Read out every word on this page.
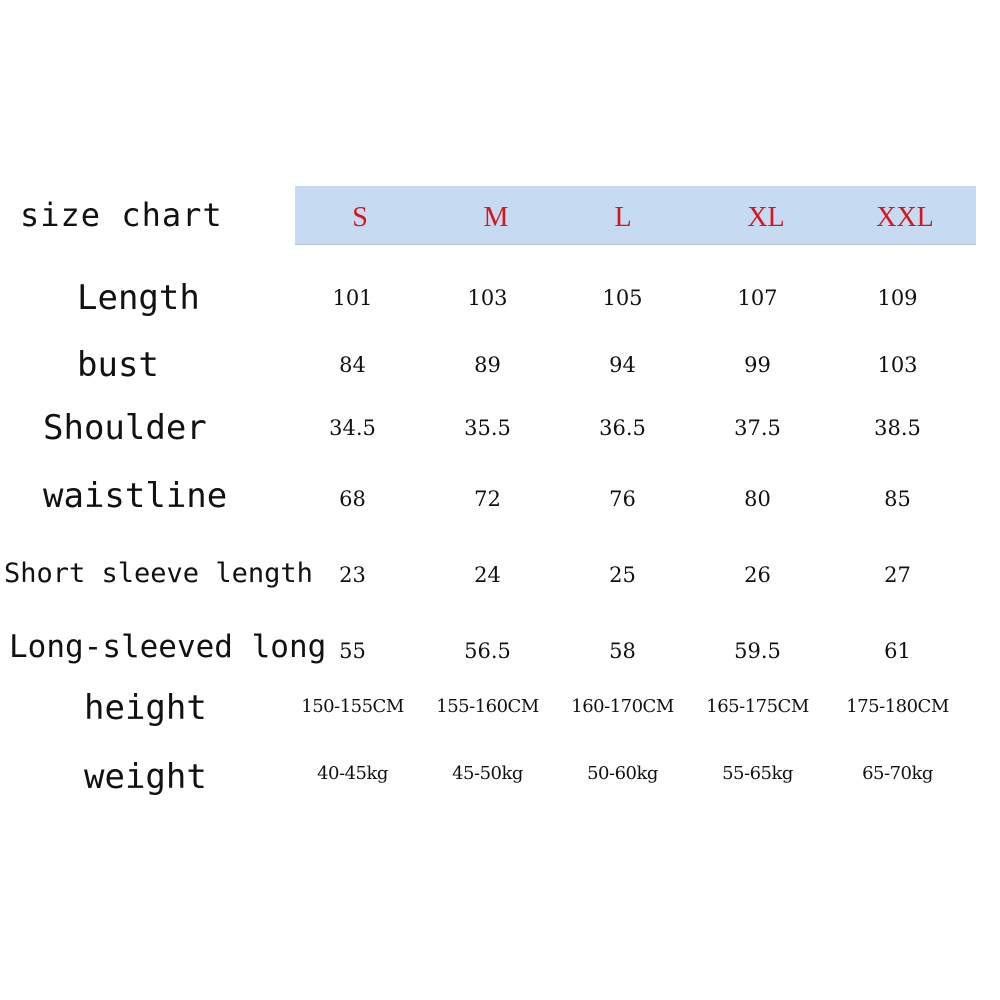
size chart	S	M	L	XL	XXL
Length	101	103	105	107	109
bust	84	89	94	99	103
Shoulder	34.5	35.5	36.5	37.5	38.5
waistline	68	72	76	80	85
Short sleeve length	23	24	25	26	27
Long-sleeved long 55	56.5	58	59.5	61
height	150-155CM	155-160CM	160-170CM	165-175CM	175-180CM
weight	40-45kg	45-50kg	50-60kg	55-65kg	65-70kg
